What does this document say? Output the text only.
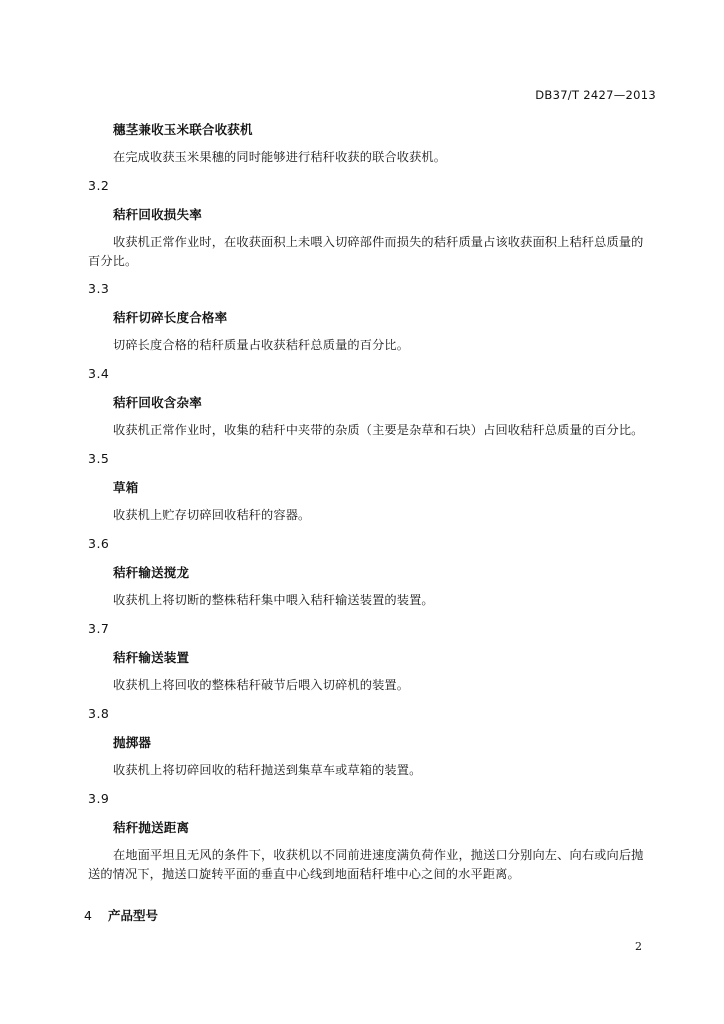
DB37/T 2427—2013
穗茎兼收玉米联合收获机
在完成收获玉米果穗的同时能够进行秸秆收获的联合收获机。
3.2
秸秆回收损失率
收获机正常作业时，在收获面积上未喂入切碎部件而损失的秸秆质量占该收获面积上秸秆总质量的
百分比。
3.3
秸秆切碎长度合格率
切碎长度合格的秸秆质量占收获秸秆总质量的百分比。
3.4
秸秆回收含杂率
收获机正常作业时，收集的秸秆中夹带的杂质（主要是杂草和石块）占回收秸秆总质量的百分比。
3.5
草箱
收获机上贮存切碎回收秸秆的容器。
3.6
秸秆输送搅龙
收获机上将切断的整株秸秆集中喂入秸秆输送装置的装置。
3.7
秸秆输送装置
收获机上将回收的整株秸秆破节后喂入切碎机的装置。
3.8
抛掷器
收获机上将切碎回收的秸秆抛送到集草车或草箱的装置。
3.9
秸秆抛送距离
在地面平坦且无风的条件下，收获机以不同前进速度满负荷作业，抛送口分别向左、向右或向后抛
送的情况下，抛送口旋转平面的垂直中心线到地面秸秆堆中心之间的水平距离。
4 产品型号
2
